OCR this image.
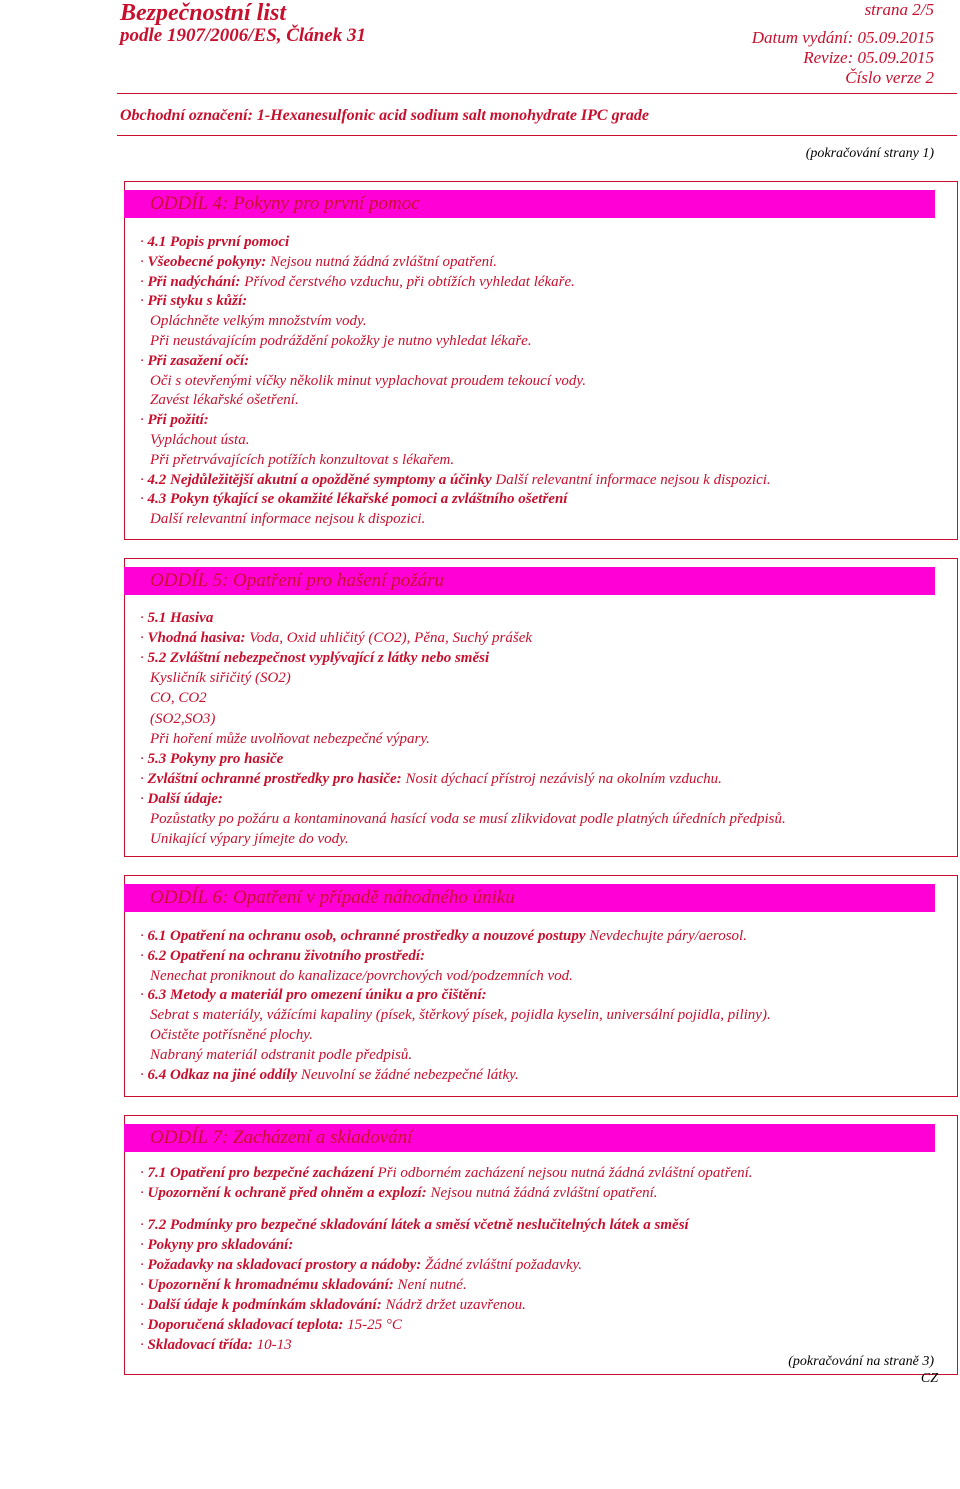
Bezpečnostní list
podle 1907/2006/ES, Článek 31
strana 2/5
Datum vydání: 05.09.2015
Revize: 05.09.2015
Číslo verze 2
Obchodní označení: 1-Hexanesulfonic acid sodium salt monohydrate IPC grade
(pokračování strany 1)
ODDÍL 4: Pokyny pro první pomoc
ODDÍL 5: Opatření pro hašení požáru
ODDÍL 6: Opatření v případě náhodného úniku
ODDÍL 7: Zacházení a skladování
· 4.1 Popis první pomoci
· Všeobecné pokyny: Nejsou nutná žádná zvláštní opatření.
· Při nadýchání: Přívod čerstvého vzduchu, při obtížích vyhledat lékaře.
· Při styku s kůží:
Opláchněte velkým množstvím vody.
Při neustávajícím podráždění pokožky je nutno vyhledat lékaře.
· Při zasažení očí:
Oči s otevřenými víčky několik minut vyplachovat proudem tekoucí vody.
Zavést lékařské ošetření.
· Při požití:
Vypláchout ústa.
Při přetrvávajících potížích konzultovat s lékařem.
· 4.2 Nejdůležitější akutní a opožděné symptomy a účinky Další relevantní informace nejsou k dispozici.
· 4.3 Pokyn týkající se okamžité lékařské pomoci a zvláštního ošetření
Další relevantní informace nejsou k dispozici.
· 5.1 Hasiva
· Vhodná hasiva: Voda, Oxid uhličitý (CO2), Pěna, Suchý prášek
· 5.2 Zvláštní nebezpečnost vyplývající z látky nebo směsi
Kysličník siřičitý (SO2)
CO, CO2
(SO2,SO3)
Při hoření může uvolňovat nebezpečné výpary.
· 5.3 Pokyny pro hasiče
· Zvláštní ochranné prostředky pro hasiče: Nosit dýchací přístroj nezávislý na okolním vzduchu.
· Další údaje:
Pozůstatky po požáru a kontaminovaná hasící voda se musí zlikvidovat podle platných úředních předpisů.
Unikající výpary jímejte do vody.
· 6.1 Opatření na ochranu osob, ochranné prostředky a nouzové postupy Nevdechujte páry/aerosol.
· 6.2 Opatření na ochranu životního prostředí:
Nenechat proniknout do kanalizace/povrchových vod/podzemních vod.
· 6.3 Metody a materiál pro omezení úniku a pro čištění:
Sebrat s materiály, vážícími kapaliny (písek, štěrkový písek, pojidla kyselin, universální pojidla, piliny).
Očistěte potřísněné plochy.
Nabraný materiál odstranit podle předpisů.
· 6.4 Odkaz na jiné oddíly Neuvolní se žádné nebezpečné látky.
· 7.1 Opatření pro bezpečné zacházení Při odborném zacházení nejsou nutná žádná zvláštní opatření.
· Upozornění k ochraně před ohněm a explozí: Nejsou nutná žádná zvláštní opatření.
· 7.2 Podmínky pro bezpečné skladování látek a směsí včetně neslučitelných látek a směsí
· Pokyny pro skladování:
· Požadavky na skladovací prostory a nádoby: Žádné zvláštní požadavky.
· Upozornění k hromadnému skladování: Není nutné.
· Další údaje k podmínkám skladování: Nádrž držet uzavřenou.
· Doporučená skladovací teplota: 15-25 °C
· Skladovací třída: 10-13
(pokračování na straně 3)
CZ
